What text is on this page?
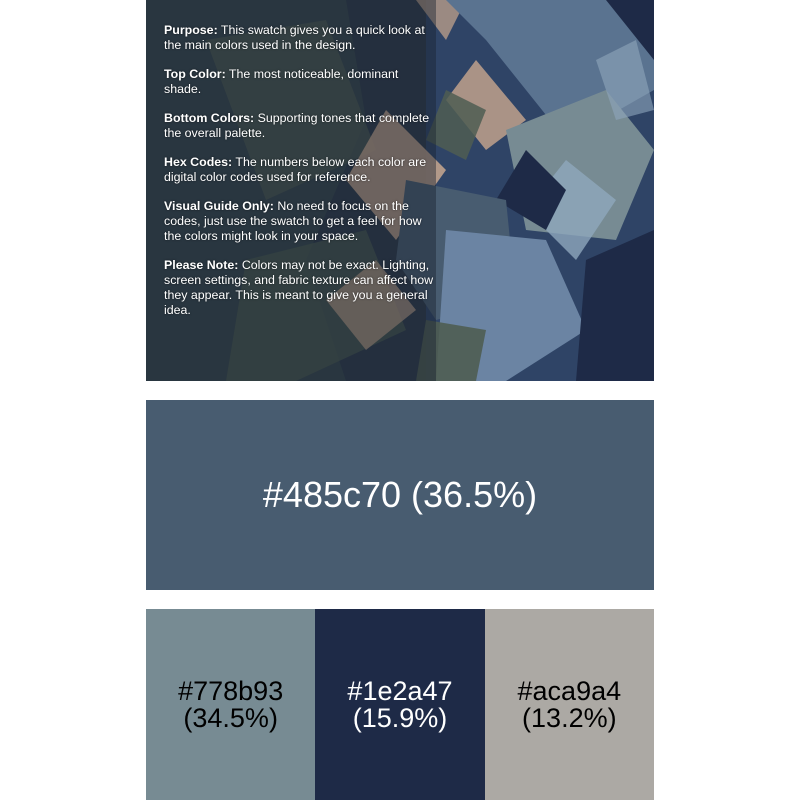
Purpose: This swatch gives you a quick look at the main colors used in the design.

Top Color: The most noticeable, dominant shade.

Bottom Colors: Supporting tones that complete the overall palette.

Hex Codes: The numbers below each color are digital color codes used for reference.

Visual Guide Only: No need to focus on the codes, just use the swatch to get a feel for how the colors might look in your space.

Please Note: Colors may not be exact. Lighting, screen settings, and fabric texture can affect how they appear. This is meant to give you a general idea.

#485c70 (36.5%)
#778b93
(34.5%)
#1e2a47
(15.9%)
#aca9a4
(13.2%)
